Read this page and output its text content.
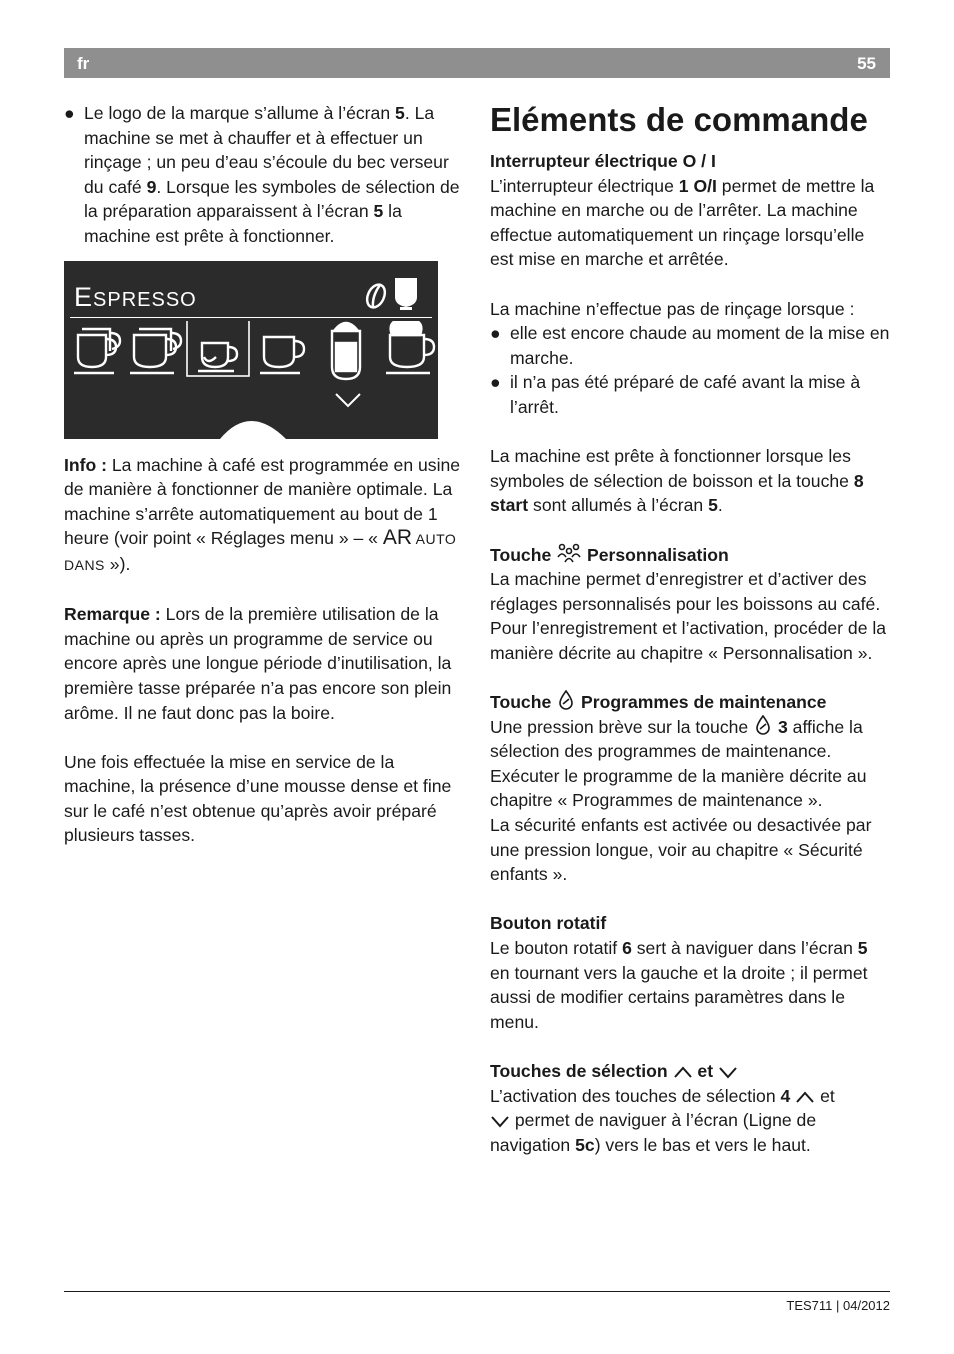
fr	55

● Le logo de la marque s’allume à l’écran 5. La machine se met à chauffer et à effectuer un rinçage ; un peu d’eau s’écoule du bec verseur du café 9. Lorsque les symboles de sélection de la préparation apparaissent à l’écran 5 la machine est prête à fonctionner.

ESPRESSO

Info : La machine à café est programmée en usine de manière à fonctionner de manière optimale. La machine s’arrête automatiquement au bout de 1 heure (voir point « Réglages menu » – « AR AUTO DANS »).

Remarque : Lors de la première utilisation de la machine ou après un programme de service ou encore après une longue période d’inutilisation, la première tasse préparée n’a pas encore son plein arôme. Il ne faut donc pas la boire.

Une fois effectuée la mise en service de la machine, la présence d’une mousse dense et fine sur le café n’est obtenue qu’après avoir préparé plusieurs tasses.

Eléments de commande

Interrupteur électrique O / I

L’interrupteur électrique 1 O/I permet de mettre la machine en marche ou de l’arrêter. La machine effectue automatiquement un rinçage lorsqu’elle est mise en marche et arrêtée.

La machine n’effectue pas de rinçage lorsque :

● elle est encore chaude au moment de la mise en marche.

● il n’a pas été préparé de café avant la mise à l’arrêt.

La machine est prête à fonctionner lorsque les symboles de sélection de boisson et la touche 8 start sont allumés à l’écran 5.

Touche  Personnalisation

La machine permet d’enregistrer et d’activer des réglages personnalisés pour les boissons au café. Pour l’enregistrement et l’activation, procéder de la manière décrite au chapitre « Personnalisation ».

Touche  Programmes de maintenance

Une pression brève sur la touche  3 affiche la sélection des programmes de maintenance. Exécuter le programme de la manière décrite au chapitre « Programmes de maintenance ».

La sécurité enfants est activée ou desactivée par une pression longue, voir au chapitre « Sécurité enfants ».

Bouton rotatif

Le bouton rotatif 6 sert à naviguer dans l’écran 5 en tournant vers la gauche et la droite ; il permet aussi de modifier certains paramètres dans le menu.

Touches de sélection  et

L’activation des touches de sélection 4  et
permet de naviguer à l’écran (Ligne de navigation 5c) vers le bas et vers le haut.

TES711 | 04/2012
